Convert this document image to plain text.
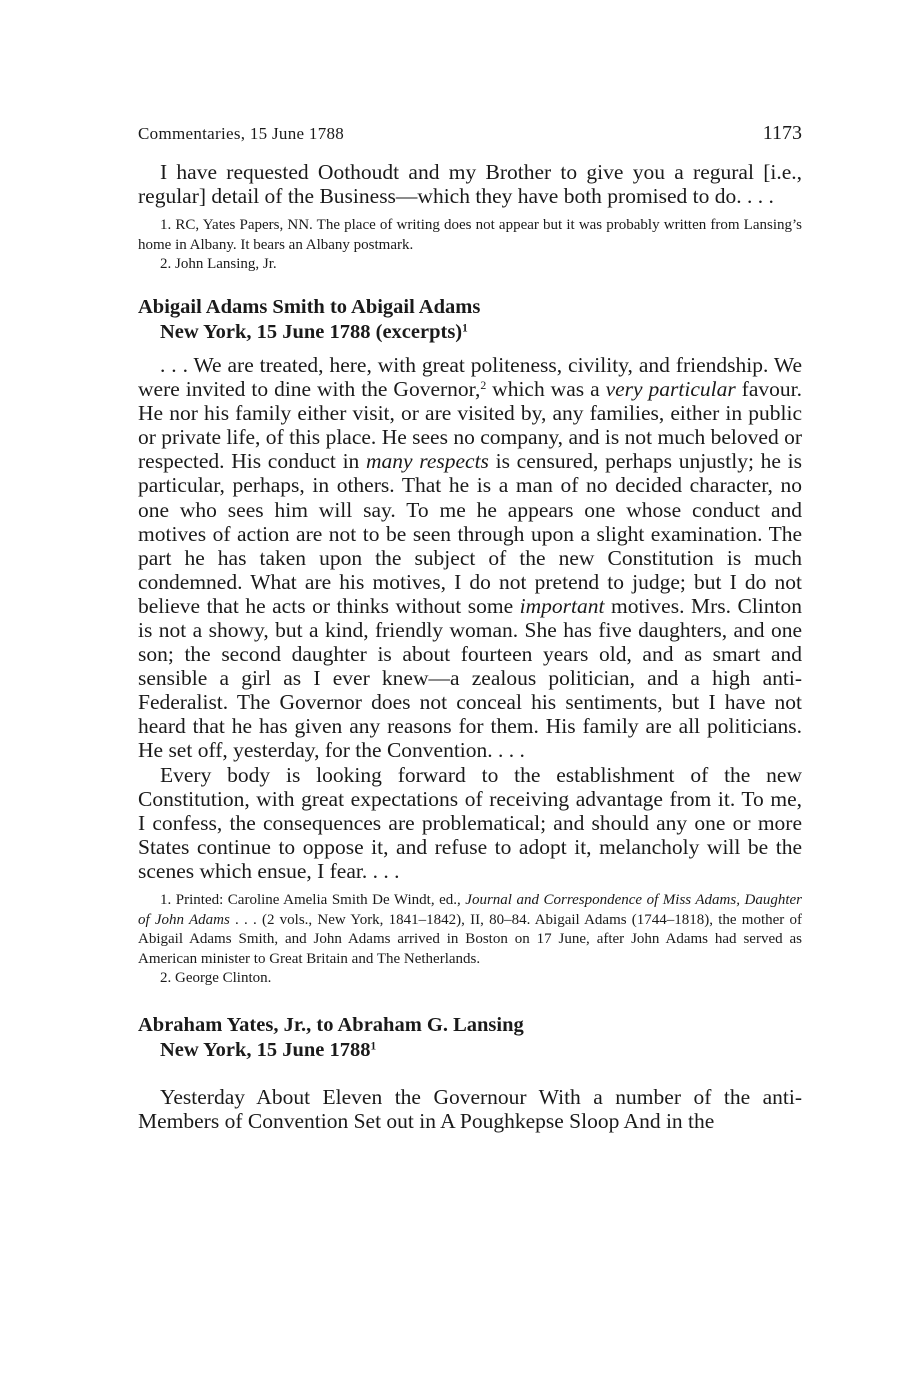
Commentaries, 15 June 1788	1173

I have requested Oothoudt and my Brother to give you a regural [i.e., regular] detail of the Business—which they have both promised to do. . . .

1. RC, Yates Papers, NN. The place of writing does not appear but it was probably written from Lansing’s home in Albany. It bears an Albany postmark.

2. John Lansing, Jr.

Abigail Adams Smith to Abigail Adams
New York, 15 June 1788 (excerpts)$^1$

. . . We are treated, here, with great politeness, civility, and friendship. We were invited to dine with the Governor,$^2$ which was a very particular favour. He nor his family either visit, or are visited by, any families, either in public or private life, of this place. He sees no company, and is not much beloved or respected. His conduct in many respects is censured, perhaps unjustly; he is particular, perhaps, in others. That he is a man of no decided character, no one who sees him will say. To me he appears one whose conduct and motives of action are not to be seen through upon a slight examination. The part he has taken upon the subject of the new Constitution is much condemned. What are his motives, I do not pretend to judge; but I do not believe that he acts or thinks without some important motives. Mrs. Clinton is not a showy, but a kind, friendly woman. She has five daughters, and one son; the second daughter is about fourteen years old, and as smart and sensible a girl as I ever knew—a zealous politician, and a high anti-Federalist. The Governor does not conceal his sentiments, but I have not heard that he has given any reasons for them. His family are all politicians. He set off, yesterday, for the Convention. . . .

Every body is looking forward to the establishment of the new Constitution, with great expectations of receiving advantage from it. To me, I confess, the consequences are problematical; and should any one or more States continue to oppose it, and refuse to adopt it, melancholy will be the scenes which ensue, I fear. . . .

1. Printed: Caroline Amelia Smith De Windt, ed., Journal and Correspondence of Miss Adams, Daughter of John Adams . . . (2 vols., New York, 1841–1842), II, 80–84. Abigail Adams (1744–1818), the mother of Abigail Adams Smith, and John Adams arrived in Boston on 17 June, after John Adams had served as American minister to Great Britain and The Netherlands.

2. George Clinton.

Abraham Yates, Jr., to Abraham G. Lansing
New York, 15 June 1788$^1$

Yesterday About Eleven the Governour With a number of the anti-Members of Convention Set out in A Poughkepse Sloop And in the
